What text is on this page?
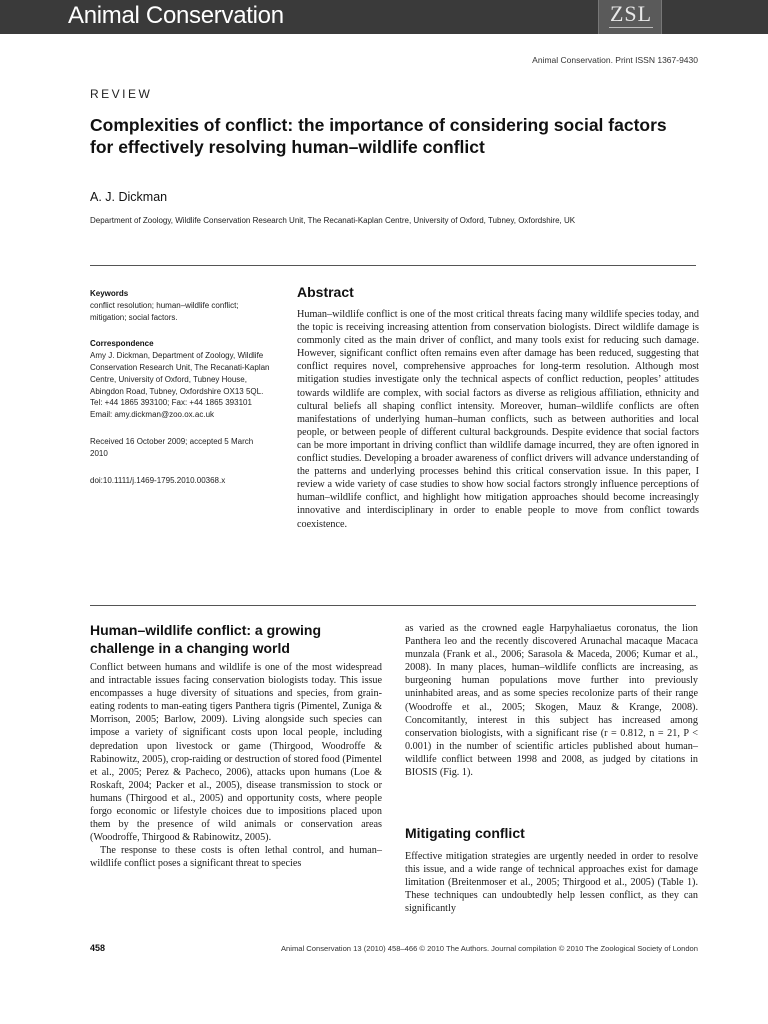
Animal Conservation	ZSL
Animal Conservation. Print ISSN 1367-9430
REVIEW
Complexities of conflict: the importance of considering social factors for effectively resolving human–wildlife conflict
A. J. Dickman
Department of Zoology, Wildlife Conservation Research Unit, The Recanati-Kaplan Centre, University of Oxford, Tubney, Oxfordshire, UK
Keywords
conflict resolution; human–wildlife conflict; mitigation; social factors.
Correspondence
Amy J. Dickman, Department of Zoology, Wildlife Conservation Research Unit, The Recanati-Kaplan Centre, University of Oxford, Tubney House, Abingdon Road, Tubney, Oxfordshire OX13 5QL. Tel: +44 1865 393100; Fax: +44 1865 393101
Email: amy.dickman@zoo.ox.ac.uk
Received 16 October 2009; accepted 5 March 2010
doi:10.1111/j.1469-1795.2010.00368.x
Abstract

Human–wildlife conflict is one of the most critical threats facing many wildlife species today, and the topic is receiving increasing attention from conservation biologists. Direct wildlife damage is commonly cited as the main driver of conflict, and many tools exist for reducing such damage. However, significant conflict often remains even after damage has been reduced, suggesting that conflict requires novel, comprehensive approaches for long-term resolution. Although most mitigation studies investigate only the technical aspects of conflict reduction, peoples’ attitudes towards wildlife are complex, with social factors as diverse as religious affiliation, ethnicity and cultural beliefs all shaping conflict intensity. Moreover, human–wildlife conflicts are often manifestations of underlying human–human conflicts, such as between authorities and local people, or between people of different cultural backgrounds. Despite evidence that social factors can be more important in driving conflict than wildlife damage incurred, they are often ignored in conflict studies. Developing a broader awareness of conflict drivers will advance understanding of the patterns and underlying processes behind this critical conservation issue. In this paper, I review a wide variety of case studies to show how social factors strongly influence perceptions of human–wildlife conflict, and highlight how mitigation approaches should become increasingly innovative and interdisciplinary in order to enable people to move from conflict towards coexistence.

Human–wildlife conflict: a growing challenge in a changing world

Conflict between humans and wildlife is one of the most widespread and intractable issues facing conservation biologists today. This issue encompasses a huge diversity of situations and species, from grain-eating rodents to man-eating tigers Panthera tigris (Pimentel, Zuniga & Morrison, 2005; Barlow, 2009). Living alongside such species can impose a variety of significant costs upon local people, including depredation upon livestock or game (Thirgood, Woodroffe & Rabinowitz, 2005), crop-raiding or destruction of stored food (Pimentel et al., 2005; Perez & Pacheco, 2006), attacks upon humans (Loe & Roskaft, 2004; Packer et al., 2005), disease transmission to stock or humans (Thirgood et al., 2005) and opportunity costs, where people forgo economic or lifestyle choices due to impositions placed upon them by the presence of wild animals or conservation areas (Woodroffe, Thirgood & Rabinowitz, 2005).

The response to these costs is often lethal control, and human–wildlife conflict poses a significant threat to species

as varied as the crowned eagle Harpyhaliaetus coronatus, the lion Panthera leo and the recently discovered Arunachal macaque Macaca munzala (Frank et al., 2006; Sarasola & Maceda, 2006; Kumar et al., 2008). In many places, human–wildlife conflicts are increasing, as burgeoning human populations move further into previously uninhabited areas, and as some species recolonize parts of their range (Woodroffe et al., 2005; Skogen, Mauz & Krange, 2008). Concomitantly, interest in this subject has increased among conservation biologists, with a significant rise (r = 0.812, n = 21, P < 0.001) in the number of scientific articles published about human–wildlife conflict between 1998 and 2008, as judged by citations in BIOSIS (Fig. 1).

Mitigating conflict

Effective mitigation strategies are urgently needed in order to resolve this issue, and a wide range of technical approaches exist for damage limitation (Breitenmoser et al., 2005; Thirgood et al., 2005) (Table 1). These techniques can undoubtedly help lessen conflict, as they can significantly

458	Animal Conservation 13 (2010) 458–466 © 2010 The Authors. Journal compilation © 2010 The Zoological Society of London
